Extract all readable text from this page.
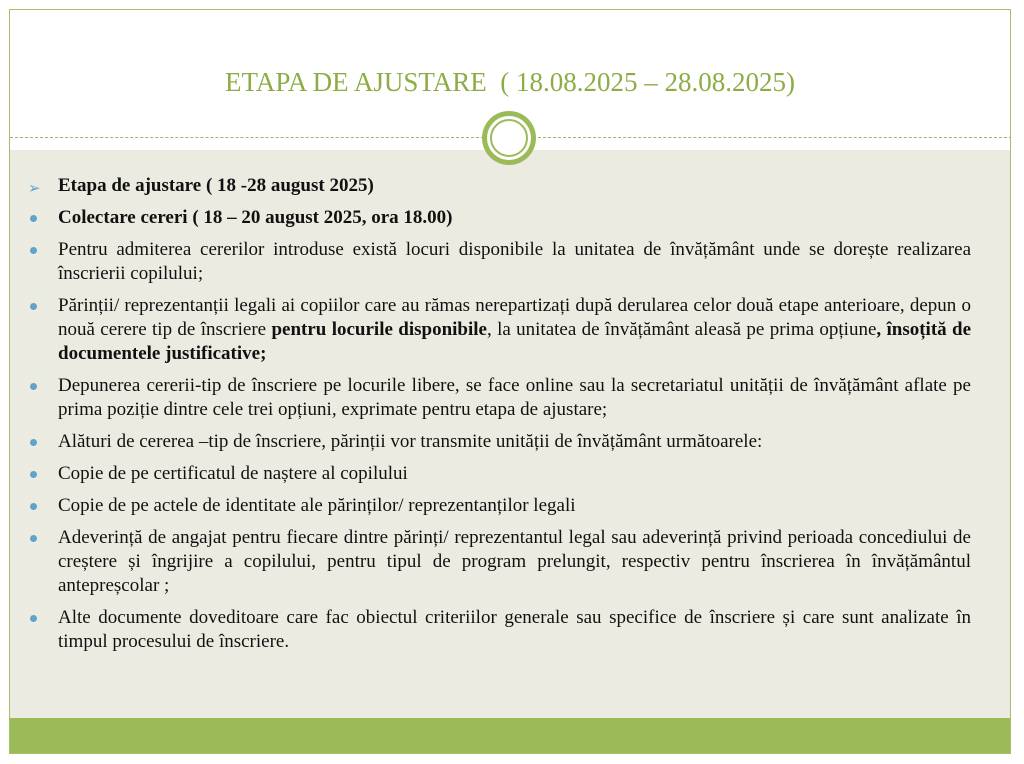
ETAPA DE AJUSTARE  ( 18.08.2025 – 28.08.2025)
➢ Etapa de ajustare ( 18 -28 august 2025)
Colectare cereri ( 18 – 20 august 2025, ora 18.00)
Pentru admiterea cererilor introduse există locuri disponibile la unitatea de învățământ unde se dorește realizarea înscrierii copilului;
Părinții/ reprezentanții legali ai copiilor care au rămas nerepartizați după derularea celor două etape anterioare, depun o nouă cerere tip de înscriere pentru locurile disponibile, la unitatea de învățământ aleasă pe prima opțiune, însoțită de documentele justificative;
Depunerea cererii-tip de înscriere pe locurile libere, se face online sau la secretariatul unității de învățământ aflate pe prima poziție dintre cele trei opțiuni, exprimate pentru etapa de ajustare;
Alături de cererea –tip de înscriere, părinții vor transmite unității de învățământ următoarele:
Copie de pe certificatul de naștere al copilului
Copie de pe actele de identitate ale părinților/ reprezentanților legali
Adeverință de angajat pentru fiecare dintre părinți/ reprezentantul legal sau adeverință privind perioada concediului de creștere și îngrijire a copilului, pentru tipul de program prelungit, respectiv pentru înscrierea în învățământul antepreșcolar ;
Alte documente doveditoare care fac obiectul criteriilor generale sau specifice de înscriere și care sunt analizate în timpul procesului de înscriere.
